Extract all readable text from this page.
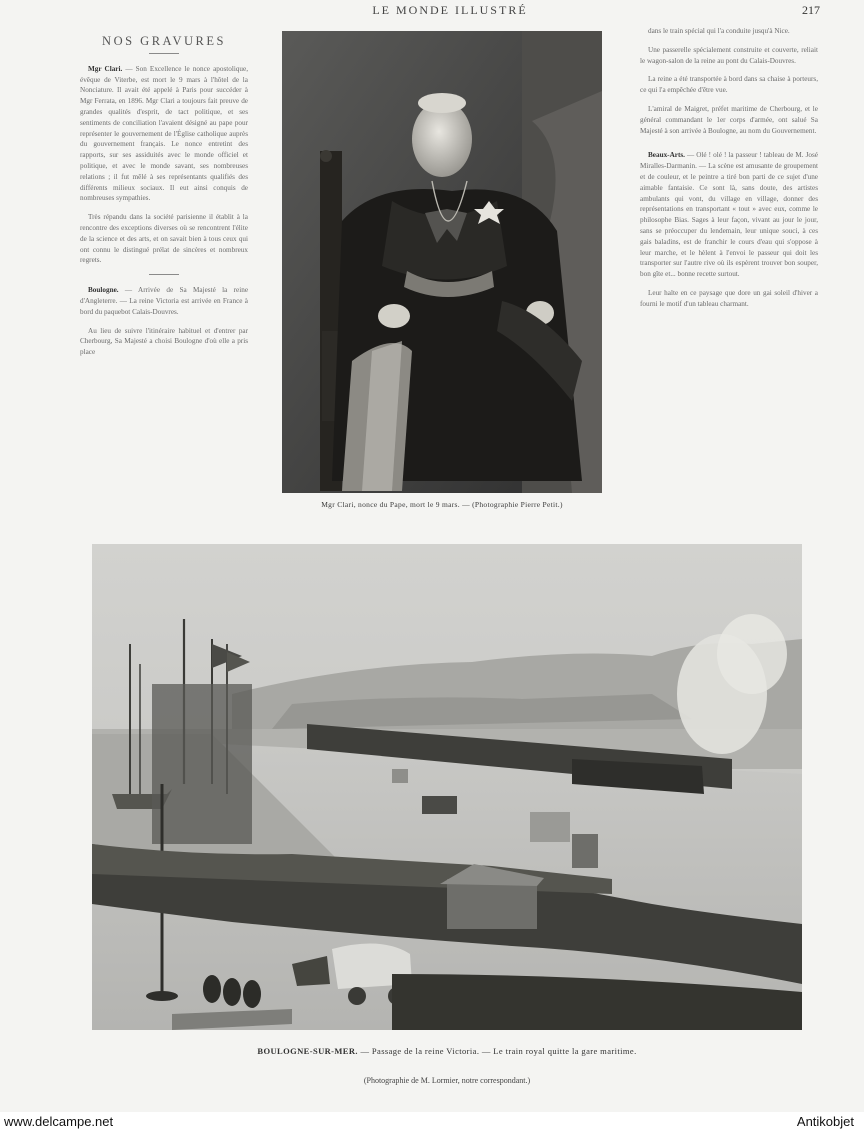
LE MONDE ILLUSTRÉ	217
NOS GRAVURES

Mgr Clari. — Son Excellence le nonce apostolique, évêque de Viterbe, est mort le 9 mars à l'hôtel de la Nonciature. Il avait été appelé à Paris pour succéder à Mgr Ferrata, en 1896. Mgr Clari a toujours fait preuve de grandes qualités d'esprit, de tact politique, et ses sentiments de conciliation l'avaient désigné au pape pour représenter le gouvernement de l'Église catholique auprès du gouvernement français. Le nonce entretint des rapports, sur ses assiduités avec le monde officiel et politique, et avec le monde savant, ses nombreuses relations ; il fut mêlé à ses représentants qualifiés des différents milieux sociaux. Il eut ainsi conquis de nombreuses sympathies.

Très répandu dans la société parisienne il établit à la rencontre des exceptions diverses où se rencontrent l'élite de la science et des arts, et on savait bien à tous ceux qui ont connu le distingué prélat de sincères et nombreux regrets.

Boulogne. — Arrivée de Sa Majesté la reine d'Angleterre. — La reine Victoria est arrivée en France à bord du paquebot Calais-Douvres.

Au lieu de suivre l'itinéraire habituel et d'entrer par Cherbourg, Sa Majesté a choisi Boulogne d'où elle a pris place

Mgr Clari, nonce du Pape, mort le 9 mars. — (Photographie Pierre Petit.)

dans le train spécial qui l'a conduite jusqu'à Nice.

Une passerelle spécialement construite et couverte, reliait le wagon-salon de la reine au pont du Calais-Douvres.

La reine a été transportée à bord dans sa chaise à porteurs, ce qui l'a empêchée d'être vue.

L'amiral de Maigret, préfet maritime de Cherbourg, et le général commandant le 1er corps d'armée, ont salué Sa Majesté à son arrivée à Boulogne, au nom du Gouvernement.

Beaux-Arts. — Olé ! olé ! la passeur ! tableau de M. José Miralles-Darmanin. — La scène est amusante de groupement et de couleur, et le peintre a tiré bon parti de ce sujet d'une aimable fantaisie. Ce sont là, sans doute, des artistes ambulants qui vont, du village en village, donner des représentations en transportant « tout » avec eux, comme le philosophe Bias. Sages à leur façon, vivant au jour le jour, sans se préoccuper du lendemain, leur unique souci, à ces gais baladins, est de franchir le cours d'eau qui s'oppose à leur marche, et le hèlent à l'envoi le passeur qui doit les transporter sur l'autre rive où ils espèrent trouver bon souper, bon gîte et... bonne recette surtout.

Leur halte en ce paysage que dore un gai soleil d'hiver a fourni le motif d'un tableau charmant.

BOULOGNE-SUR-MER. — Passage de la reine Victoria. — Le train royal quitte la gare maritime.
(Photographie de M. Lormier, notre correspondant.)
www.delcampe.net	Antikobjet
